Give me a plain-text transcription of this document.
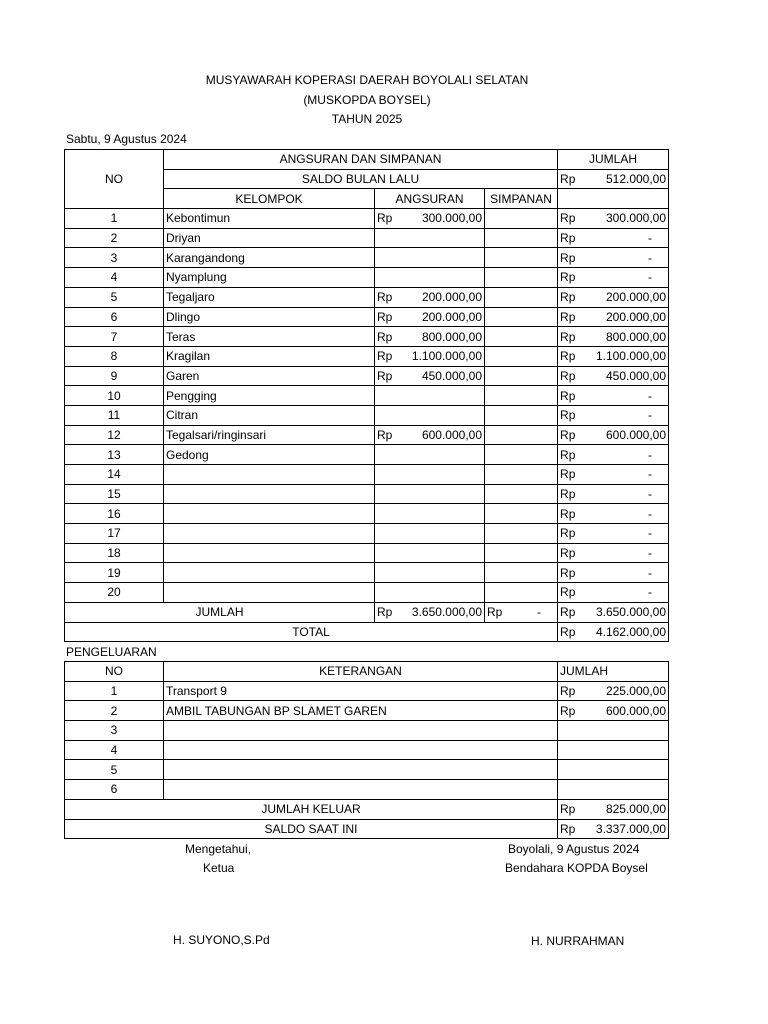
MUSYAWARAH KOPERASI DAERAH BOYOLALI SELATAN
(MUSKOPDA BOYSEL)
TAHUN 2025
Sabtu, 9 Agustus 2024
NO	ANGSURAN DAN SIMPANAN			JUMLAH
	SALDO BULAN LALU			Rp 512.000,00

	KELOMPOK	ANGSURAN	SIMPANAN	
1	Kebontimun	Rp 300.000,00		Rp 300.000,00

2	Driyan			Rp -

3	Karangandong			Rp -

4	Nyamplung			Rp -

5	Tegaljaro	Rp 200.000,00		Rp 200.000,00

6	Dlingo	Rp 200.000,00		Rp 200.000,00

7	Teras	Rp 800.000,00		Rp 800.000,00

8	Kragilan	Rp 1.100.000,00		Rp 1.100.000,00

9	Garen	Rp 450.000,00		Rp 450.000,00

10	Pengging			Rp -

11	Citran			Rp -

12	Tegalsari/ringinsari	Rp 600.000,00		Rp 600.000,00

13	Gedong			Rp -

14				Rp -

15				Rp -

16				Rp -

17				Rp -

18				Rp -

19				Rp -

20				Rp -

JUMLAH		Rp 3.650.000,00	Rp -	Rp 3.650.000,00

TOTAL				Rp 4.162.000,00
PENGELUARAN
NO	KETERANGAN	JUMLAH
1	Transport 9	Rp 225.000,00

2	AMBIL TABUNGAN BP SLAMET GAREN	Rp 600.000,00

3		

4		

5		

6		

JUMLAH KELUAR		Rp 825.000,00

SALDO SAAT INI		Rp 3.337.000,00
Mengetahui,
Ketua
H. SUYONO,S.Pd
Boyolali, 9 Agustus 2024
Bendahara KOPDA Boysel
H. NURRAHMAN
